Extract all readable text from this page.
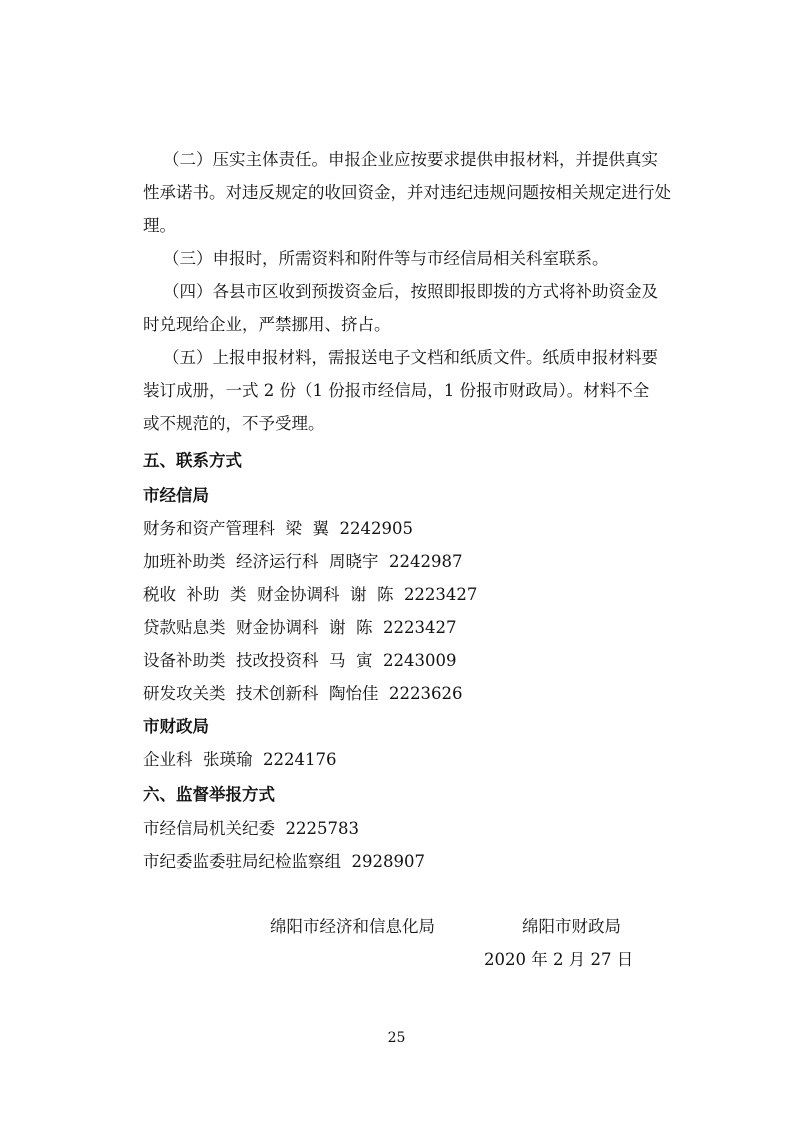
（二）压实主体责任。申报企业应按要求提供申报材料，并提供真实
性承诺书。对违反规定的收回资金，并对违纪违规问题按相关规定进行处
理。
（三）申报时，所需资料和附件等与市经信局相关科室联系。
（四）各县市区收到预拨资金后，按照即报即拨的方式将补助资金及
时兑现给企业，严禁挪用、挤占。
（五）上报申报材料，需报送电子文档和纸质文件。纸质申报材料要
装订成册，一式 2 份（1 份报市经信局，1 份报市财政局）。材料不全
或不规范的，不予受理。
五、联系方式
市经信局
财务和资产管理科  梁  翼  2242905
加班补助类  经济运行科  周晓宇  2242987
税收  补助  类  财金协调科  谢  陈  2223427
贷款贴息类  财金协调科  谢  陈  2223427
设备补助类  技改投资科  马  寅  2243009
研发攻关类  技术创新科  陶怡佳  2223626
市财政局
企业科  张瑛瑜  2224176
六、监督举报方式
市经信局机关纪委  2225783
市纪委监委驻局纪检监察组  2928907
绵阳市经济和信息化局	绵阳市财政局
2020 年 2 月 27 日
25
